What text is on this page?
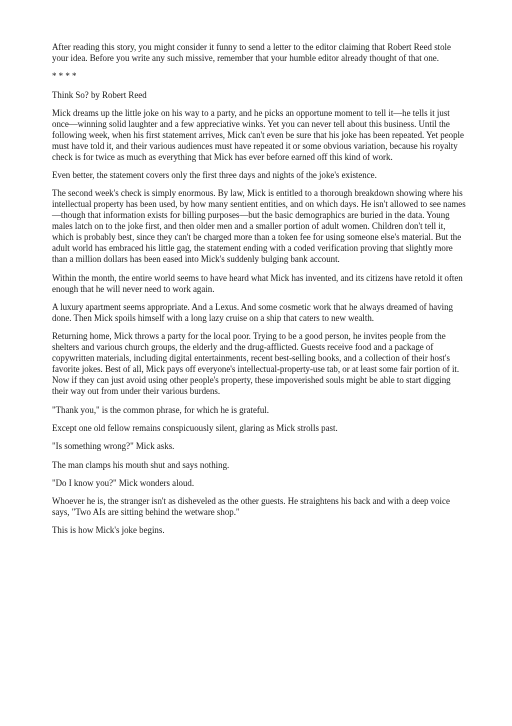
After reading this story, you might consider it funny to send a letter to the editor claiming that Robert Reed stole your idea. Before you write any such missive, remember that your humble editor already thought of that one.

* * * *

Think So? by Robert Reed

Mick dreams up the little joke on his way to a party, and he picks an opportune moment to tell it—he tells it just once—winning solid laughter and a few appreciative winks. Yet you can never tell about this business. Until the following week, when his first statement arrives, Mick can't even be sure that his joke has been repeated. Yet people must have told it, and their various audiences must have repeated it or some obvious variation, because his royalty check is for twice as much as everything that Mick has ever before earned off this kind of work.

Even better, the statement covers only the first three days and nights of the joke's existence.

The second week's check is simply enormous. By law, Mick is entitled to a thorough breakdown showing where his intellectual property has been used, by how many sentient entities, and on which days. He isn't allowed to see names—though that information exists for billing purposes—but the basic demographics are buried in the data. Young males latch on to the joke first, and then older men and a smaller portion of adult women. Children don't tell it, which is probably best, since they can't be charged more than a token fee for using someone else's material. But the adult world has embraced his little gag, the statement ending with a coded verification proving that slightly more than a million dollars has been eased into Mick's suddenly bulging bank account.

Within the month, the entire world seems to have heard what Mick has invented, and its citizens have retold it often enough that he will never need to work again.

A luxury apartment seems appropriate. And a Lexus. And some cosmetic work that he always dreamed of having done. Then Mick spoils himself with a long lazy cruise on a ship that caters to new wealth.

Returning home, Mick throws a party for the local poor. Trying to be a good person, he invites people from the shelters and various church groups, the elderly and the drug-afflicted. Guests receive food and a package of copywritten materials, including digital entertainments, recent best-selling books, and a collection of their host's favorite jokes. Best of all, Mick pays off everyone's intellectual-property-use tab, or at least some fair portion of it. Now if they can just avoid using other people's property, these impoverished souls might be able to start digging their way out from under their various burdens.

"Thank you," is the common phrase, for which he is grateful.

Except one old fellow remains conspicuously silent, glaring as Mick strolls past.

"Is something wrong?" Mick asks.

The man clamps his mouth shut and says nothing.

"Do I know you?" Mick wonders aloud.

Whoever he is, the stranger isn't as disheveled as the other guests. He straightens his back and with a deep voice says, "Two AIs are sitting behind the wetware shop."

This is how Mick's joke begins.
